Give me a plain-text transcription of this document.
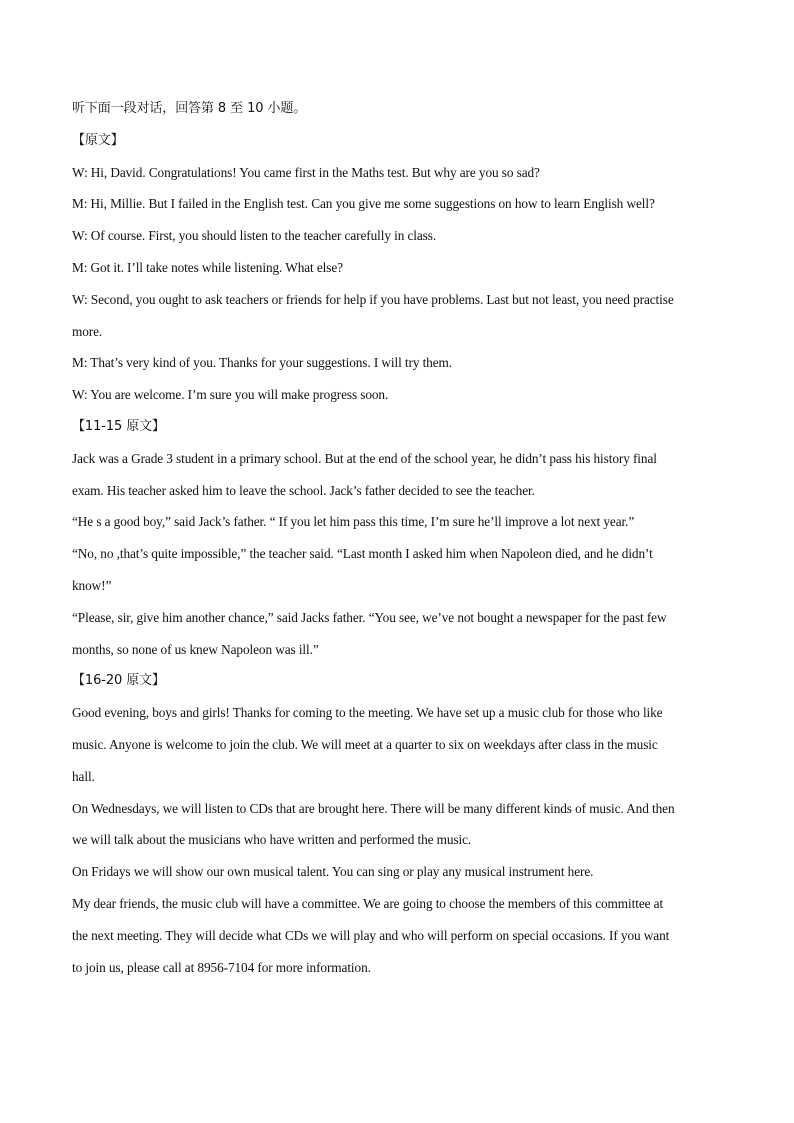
听下面一段对话，回答第 8 至 10 小题。
【原文】
W: Hi, David. Congratulations! You came first in the Maths test. But why are you so sad?
M: Hi, Millie. But I failed in the English test. Can you give me some suggestions on how to learn English well?
W: Of course. First, you should listen to the teacher carefully in class.
M: Got it. I’ll take notes while listening. What else?
W: Second, you ought to ask teachers or friends for help if you have problems. Last but not least, you need practise
more.
M: That’s very kind of you. Thanks for your suggestions. I will try them.
W: You are welcome. I’m sure you will make progress soon.
【11-15 原文】
Jack was a Grade 3 student in a primary school. But at the end of the school year, he didn’t pass his history final
exam. His teacher asked him to leave the school. Jack’s father decided to see the teacher.
“He s a good boy,” said Jack’s father. “ If you let him pass this time, I’m sure he’ll improve a lot next year.”
“No, no ,that’s quite impossible,” the teacher said. “Last month I asked him when Napoleon died, and he didn’t
know!”
“Please, sir, give him another chance,” said Jacks father. “You see, we’ve not bought a newspaper for the past few
months, so none of us knew Napoleon was ill.”
【16-20 原文】
Good evening, boys and girls! Thanks for coming to the meeting. We have set up a music club for those who like
music. Anyone is welcome to join the club. We will meet at a quarter to six on weekdays after class in the music
hall.
On Wednesdays, we will listen to CDs that are brought here. There will be many different kinds of music. And then
we will talk about the musicians who have written and performed the music.
On Fridays we will show our own musical talent. You can sing or play any musical instrument here.
My dear friends, the music club will have a committee. We are going to choose the members of this committee at
the next meeting. They will decide what CDs we will play and who will perform on special occasions. If you want
to join us, please call at 8956-7104 for more information.
